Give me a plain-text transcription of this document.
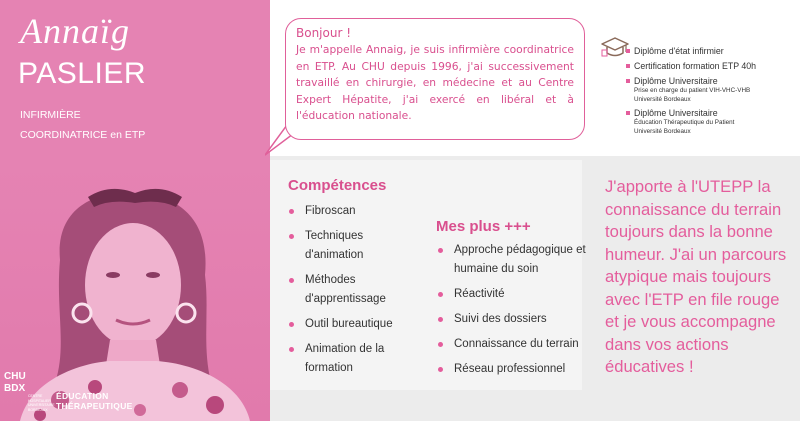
Annaïg
PASLIER
INFIRMIÈRE
COORDINATRICE en ETP
CHU
BDX
CENTRE HOSPITALIER UNIVERSITAIRE BORDEAUX
ÉDUCATION
THÉRAPEUTIQUE
Bonjour !
Je m'appelle Annaig, je suis infirmière coordinatrice en ETP. Au CHU depuis 1996, j'ai successivement travaillé en chirurgie, en médecine et au Centre Expert Hépatite, j'ai exercé en libéral et à l'éducation nationale.
Diplôme d'état infirmier
Certification formation ETP 40h
Diplôme Universitaire
Prise en charge du patient VIH-VHC-VHB
Université Bordeaux
Diplôme Universitaire
Éducation Thérapeutique du Patient
Université Bordeaux
Compétences
Fibroscan
Techniques d'animation
Méthodes d'apprentissage
Outil bureautique
Animation de la formation
Mes plus +++
Approche pédagogique et humaine du soin
Réactivité
Suivi des dossiers
Connaissance du terrain
Réseau professionnel
J'apporte à l'UTEPP la connaissance du terrain toujours dans la bonne humeur. J'ai un parcours atypique mais toujours avec l'ETP en file rouge et je vous accompagne dans vos actions éducatives !
